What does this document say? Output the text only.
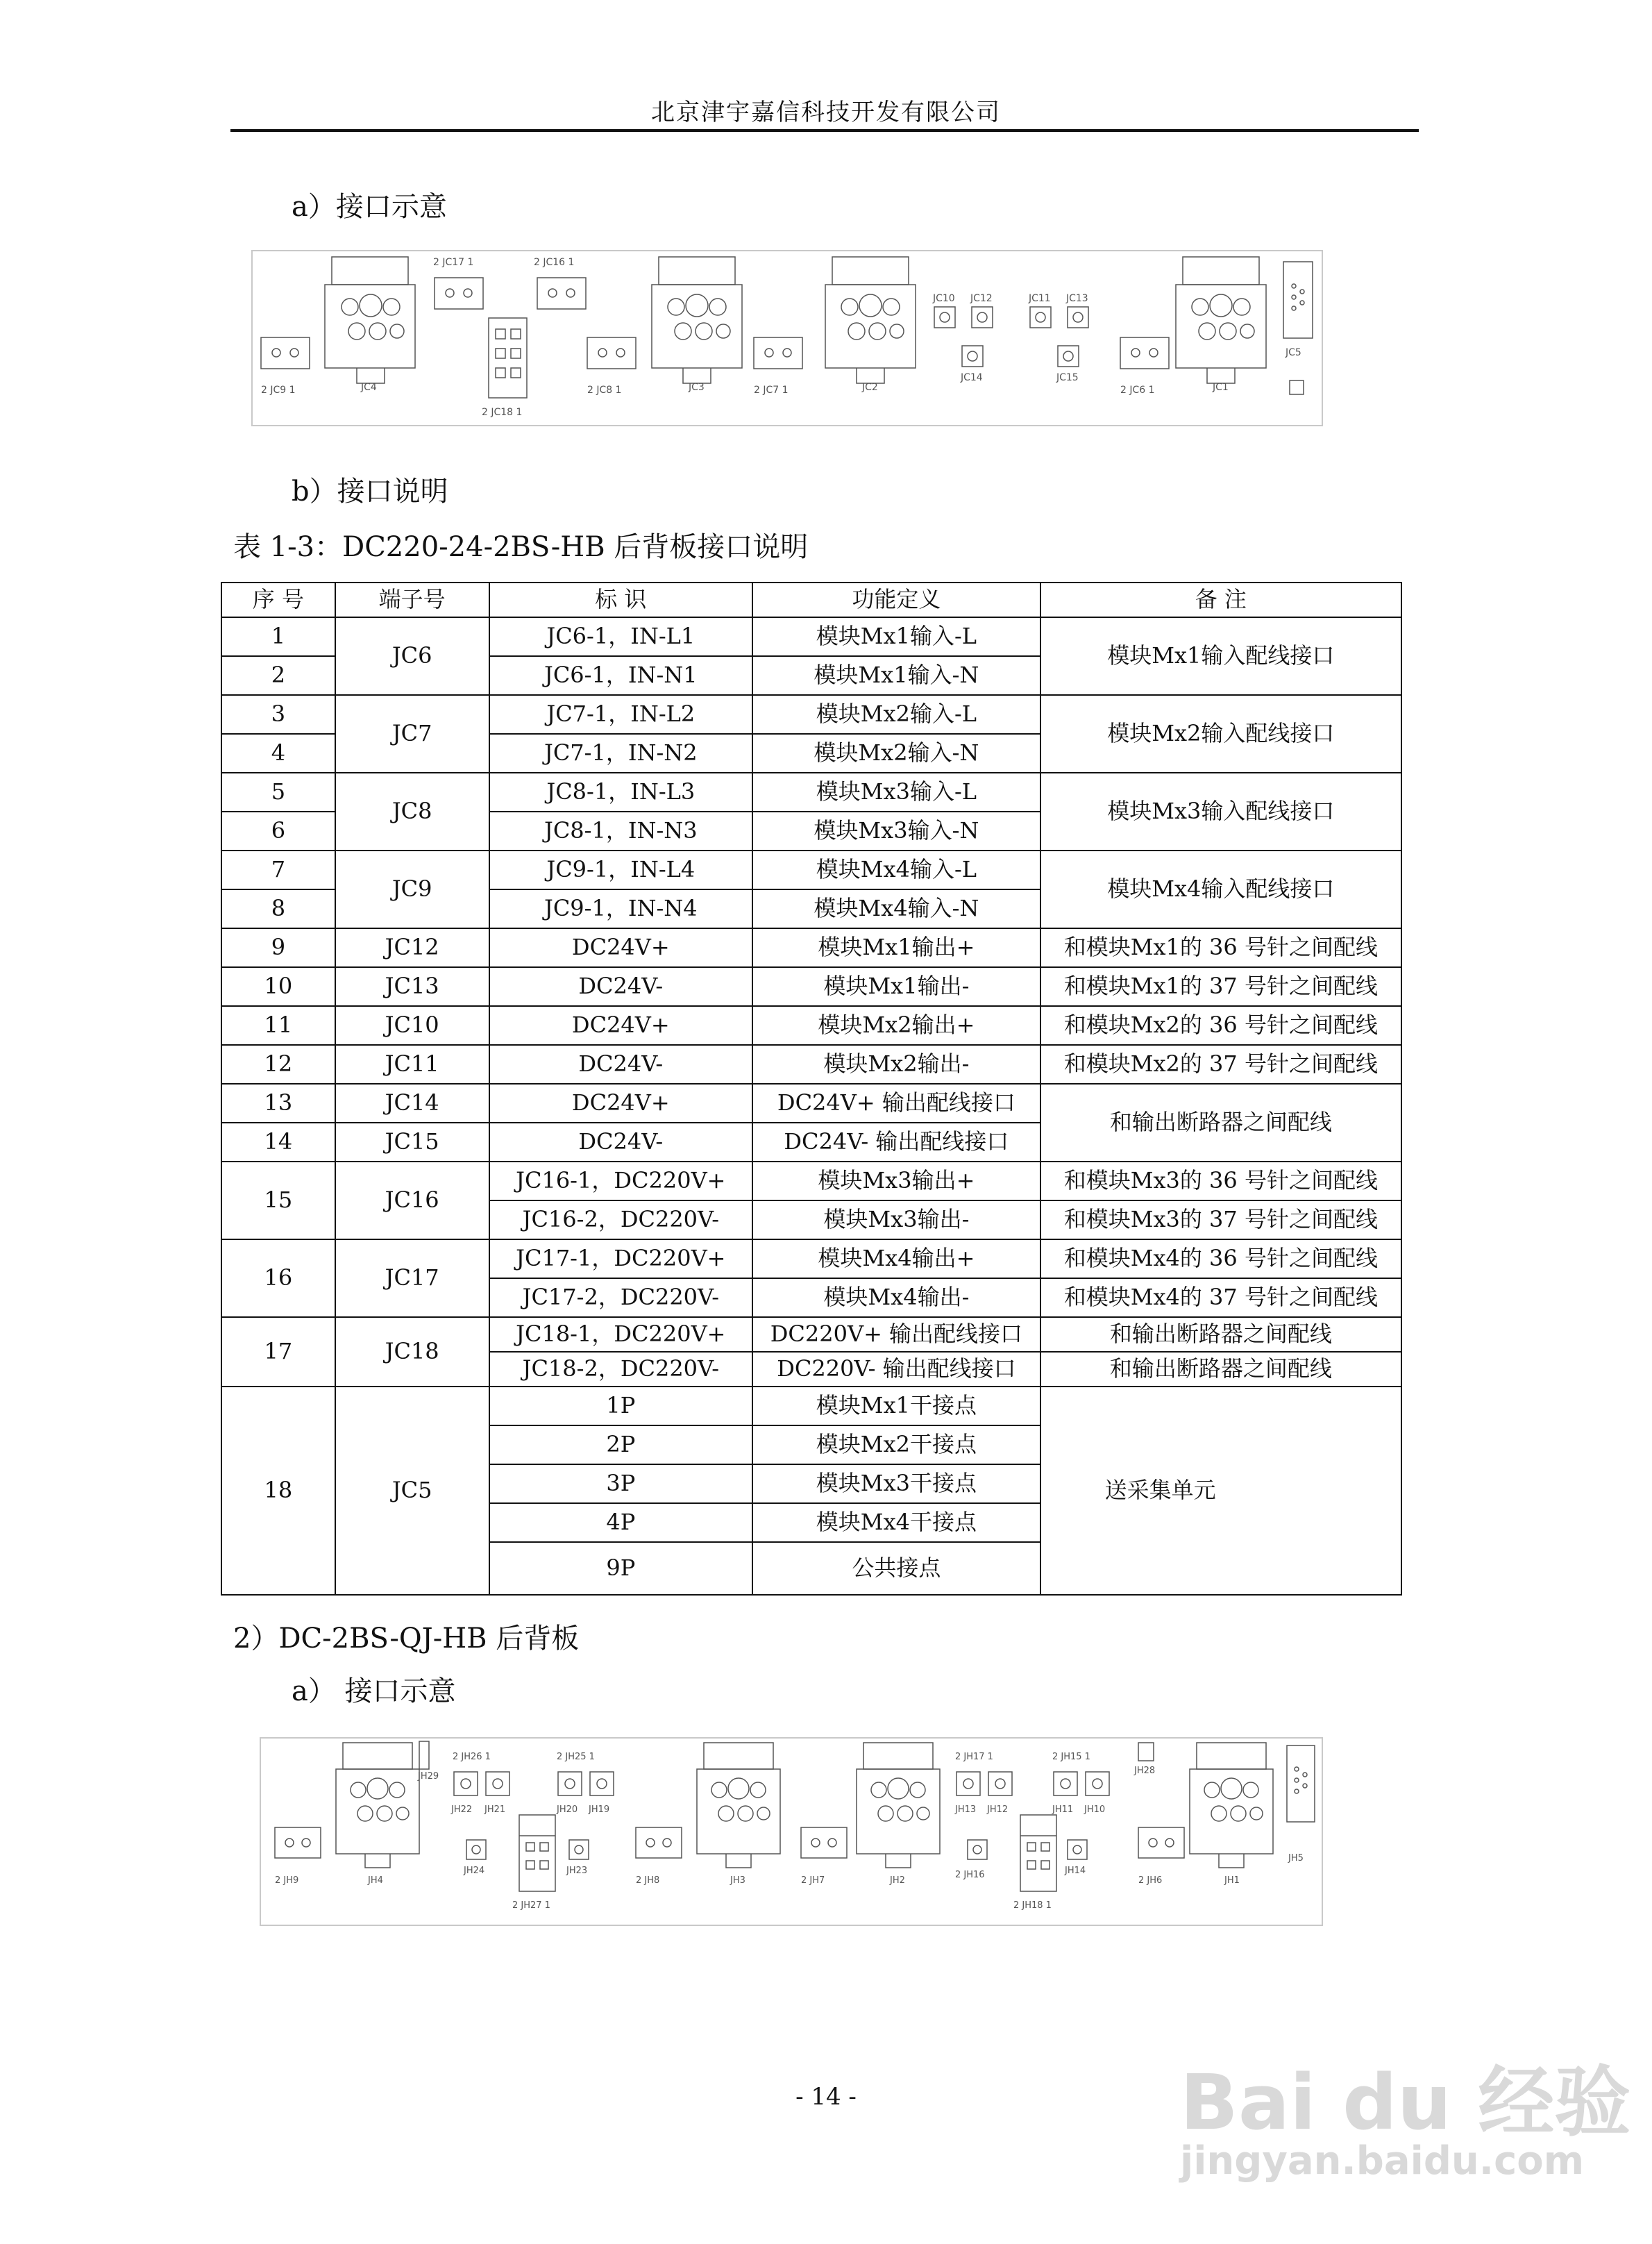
北京津宇嘉信科技开发有限公司
a）接口示意
2 JC17 1	2 JC16 1
2 JC9 1	JC4
2 JC18 1
2 JC8 1	JC3	2 JC7 1	JC2
JC10 JC12	JC11 JC13
JC14	JC15
2 JC6 1	JC1
JC5
b）接口说明
表 1-3：DC220-24-2BS-HB 后背板接口说明
序 号	端子号	标 识	功能定义	备 注
1	JC6	JC6-1，IN-L1	模块Mx1输入-L	模块Mx1输入配线接口
2		JC6-1，IN-N1	模块Mx1输入-N	
3	JC7	JC7-1，IN-L2	模块Mx2输入-L	模块Mx2输入配线接口
4		JC7-1，IN-N2	模块Mx2输入-N	
5	JC8	JC8-1，IN-L3	模块Mx3输入-L	模块Mx3输入配线接口
6		JC8-1，IN-N3	模块Mx3输入-N	
7	JC9	JC9-1，IN-L4	模块Mx4输入-L	模块Mx4输入配线接口
8		JC9-1，IN-N4	模块Mx4输入-N	
9	JC12	DC24V+	模块Mx1输出+	和模块Mx1的 36 号针之间配线
10	JC13	DC24V-	模块Mx1输出-	和模块Mx1的 37 号针之间配线
11	JC10	DC24V+	模块Mx2输出+	和模块Mx2的 36 号针之间配线
12	JC11	DC24V-	模块Mx2输出-	和模块Mx2的 37 号针之间配线
13	JC14	DC24V+	DC24V+ 输出配线接口	和输出断路器之间配线
14	JC15	DC24V-	DC24V- 输出配线接口	
15	JC16	JC16-1，DC220V+	模块Mx3输出+	和模块Mx3的 36 号针之间配线
		JC16-2，DC220V-	模块Mx3输出-	和模块Mx3的 37 号针之间配线
16	JC17	JC17-1，DC220V+	模块Mx4输出+	和模块Mx4的 36 号针之间配线
		JC17-2，DC220V-	模块Mx4输出-	和模块Mx4的 37 号针之间配线
17	JC18	JC18-1，DC220V+	DC220V+ 输出配线接口	和输出断路器之间配线
		JC18-2，DC220V-	DC220V- 输出配线接口	和输出断路器之间配线
18	JC5	1P	模块Mx1干接点	送采集单元
		2P	模块Mx2干接点	
		3P	模块Mx3干接点	
		4P	模块Mx4干接点	
		9P	公共接点	
2）DC-2BS-QJ-HB 后背板
a） 接口示意
JH29
2 JH26 1
JH22 JH21
2 JH25 1
JH20 JH19
JH24	JH23
2 JH27 1
2 JH9	JH4	2 JH8	JH3	2 JH7	JH2
2 JH17 1
JH13 JH12
2 JH16
2 JH18 1
2 JH15 1
JH11 JH10
JH14
JH28
2 JH6	JH1
JH5
- 14 -	Bai du 经验
jingyan.baidu.com
